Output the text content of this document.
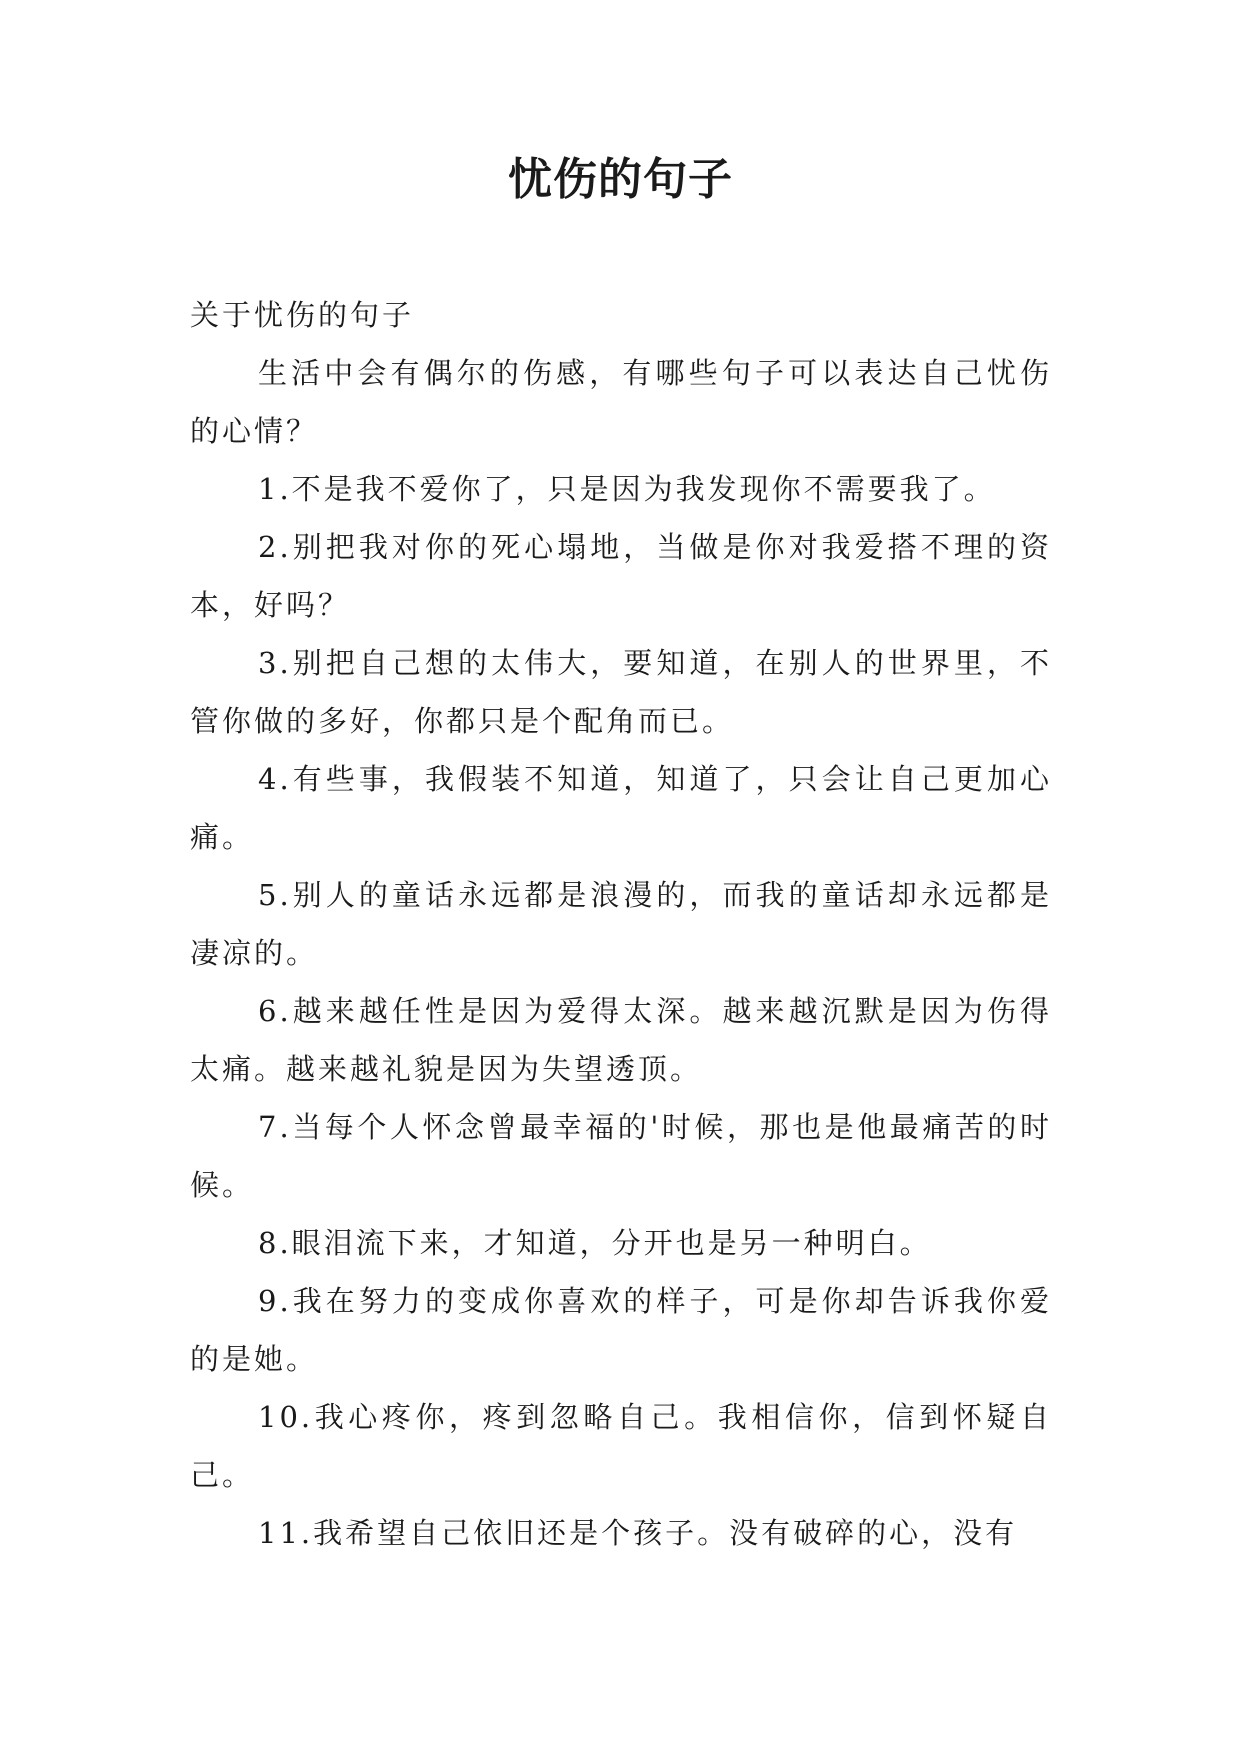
忧伤的句子

关于忧伤的句子

生活中会有偶尔的伤感，有哪些句子可以表达自己忧伤的心情？

1.不是我不爱你了，只是因为我发现你不需要我了。

2.别把我对你的死心塌地，当做是你对我爱搭不理的资本，好吗？

3.别把自己想的太伟大，要知道，在别人的世界里，不管你做的多好，你都只是个配角而已。

4.有些事，我假装不知道，知道了，只会让自己更加心痛。

5.别人的童话永远都是浪漫的，而我的童话却永远都是凄凉的。

6.越来越任性是因为爱得太深。越来越沉默是因为伤得太痛。越来越礼貌是因为失望透顶。

7.当每个人怀念曾最幸福的'时候，那也是他最痛苦的时候。

8.眼泪流下来，才知道，分开也是另一种明白。

9.我在努力的变成你喜欢的样子，可是你却告诉我你爱的是她。

10.我心疼你，疼到忽略自己。我相信你，信到怀疑自己。

11.我希望自己依旧还是个孩子。没有破碎的心，没有
